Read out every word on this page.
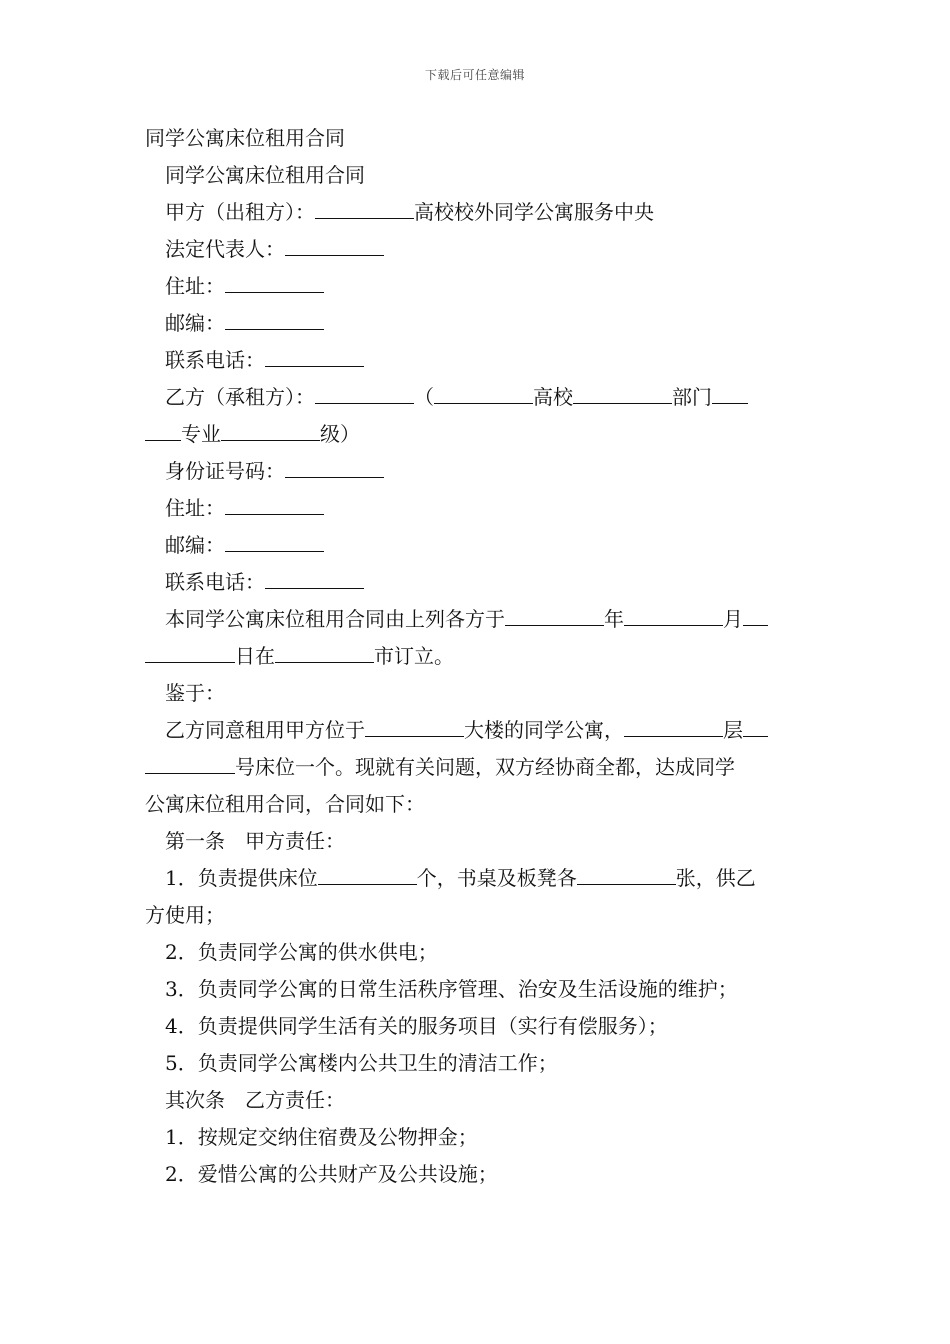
下载后可任意编辑
同学公寓床位租用合同
同学公寓床位租用合同
甲方（出租方）：	高校校外同学公寓服务中央
法定代表人：
住址：
邮编：
联系电话：
乙方（承租方）：	（	高校	部门
专业	级）
身份证号码：
住址：
邮编：
联系电话：
本同学公寓床位租用合同由上列各方于	年	月
日在	市订立。
鉴于：
乙方同意租用甲方位于	大楼的同学公寓，	层
号床位一个。现就有关问题，双方经协商全都，达成同学
公寓床位租用合同，合同如下：
第一条 甲方责任：
1．负责提供床位	个，书桌及板凳各	张，供乙
方使用；
2．负责同学公寓的供水供电；
3．负责同学公寓的日常生活秩序管理、治安及生活设施的维护；
4．负责提供同学生活有关的服务项目（实行有偿服务）；
5．负责同学公寓楼内公共卫生的清洁工作；
其次条 乙方责任：
1．按规定交纳住宿费及公物押金；
2．爱惜公寓的公共财产及公共设施；
